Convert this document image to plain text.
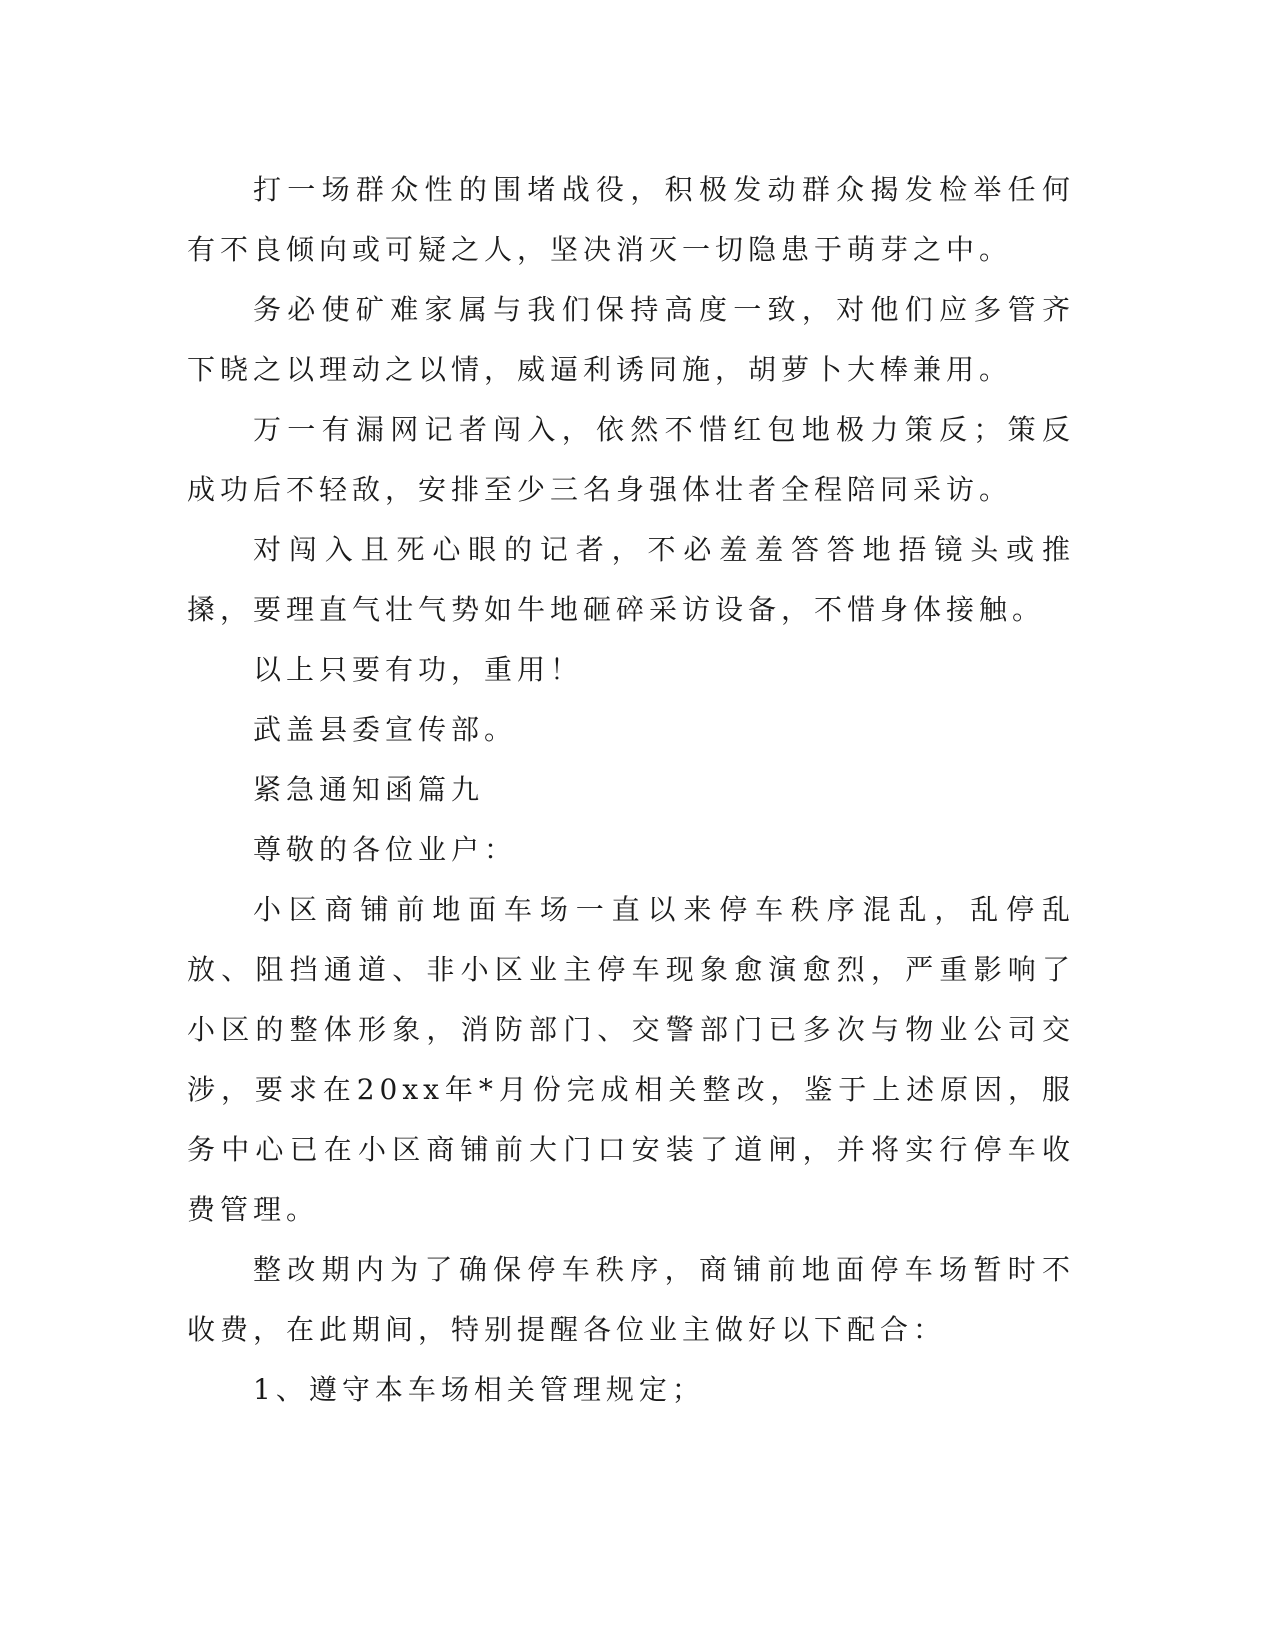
打一场群众性的围堵战役，积极发动群众揭发检举任何有不良倾向或可疑之人，坚决消灭一切隐患于萌芽之中。

务必使矿难家属与我们保持高度一致，对他们应多管齐下晓之以理动之以情，威逼利诱同施，胡萝卜大棒兼用。

万一有漏网记者闯入，依然不惜红包地极力策反；策反成功后不轻敌，安排至少三名身强体壮者全程陪同采访。

对闯入且死心眼的记者，不必羞羞答答地捂镜头或推搡，要理直气壮气势如牛地砸碎采访设备，不惜身体接触。

以上只要有功，重用！

武盖县委宣传部。

紧急通知函篇九

尊敬的各位业户：

小区商铺前地面车场一直以来停车秩序混乱，乱停乱放、阻挡通道、非小区业主停车现象愈演愈烈，严重影响了小区的整体形象，消防部门、交警部门已多次与物业公司交涉，要求在20xx年*月份完成相关整改，鉴于上述原因，服务中心已在小区商铺前大门口安装了道闸，并将实行停车收费管理。

整改期内为了确保停车秩序，商铺前地面停车场暂时不收费，在此期间，特别提醒各位业主做好以下配合：

1、遵守本车场相关管理规定；
